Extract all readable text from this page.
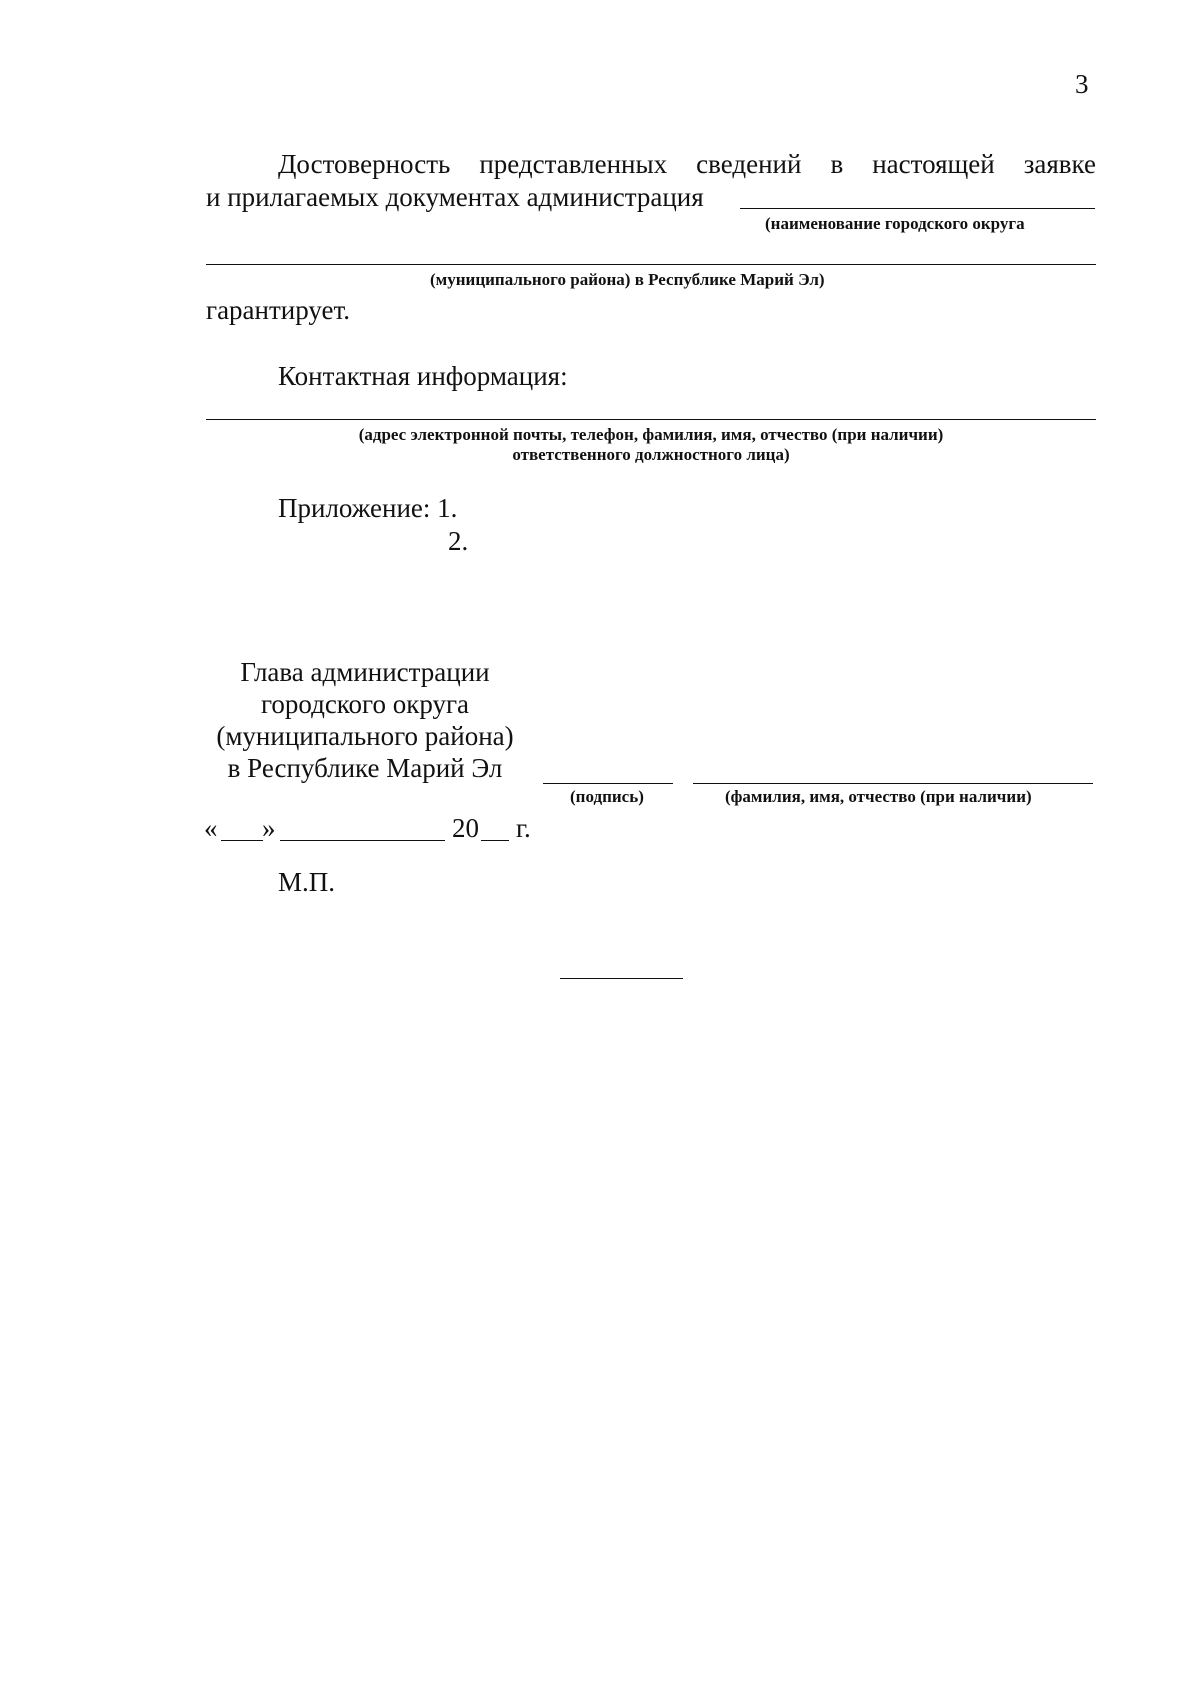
3
Достоверность представленных сведений в настоящей заявке
и прилагаемых документах администрация
(наименование городского округа
(муниципального района) в Республике Марий Эл)
гарантирует.
Контактная информация:
(адрес электронной почты, телефон, фамилия, имя, отчество (при наличии)
ответственного должностного лица)
Приложение: 1.
2.
Глава администрации
городского округа
(муниципального района)
в Республике Марий Эл
(подпись)	(фамилия, имя, отчество (при наличии)
« »	20 г.
М.П.
